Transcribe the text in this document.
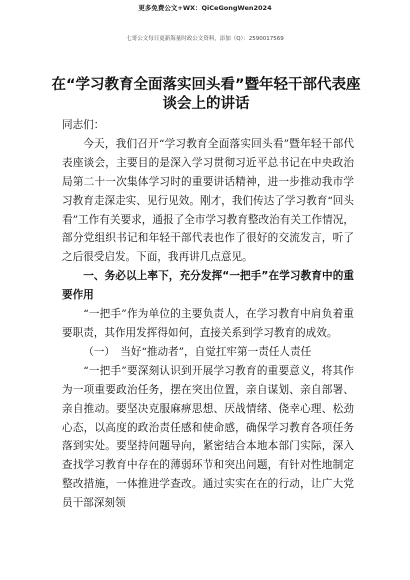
更多免费公文+WX：QiCeGongWen2024
七哥公文每日更新海量时政公文资料，添加（Q）：2590017569
在“学习教育全面落实回头看”暨年轻干部代表座谈会上的讲话

同志们：

今天，我们召开“学习教育全面落实回头看”暨年轻干部代表座谈会，主要目的是深入学习贯彻习近平总书记在中央政治局第二十一次集体学习时的重要讲话精神，进一步推动我市学习教育走深走实、见行见效。刚才，我们传达了学习教育“回头看”工作有关要求，通报了全市学习教育整改治有关工作情况，部分党组织书记和年轻干部代表也作了很好的交流发言，听了之后很受启发。下面，我再讲几点意见。

一、务必以上率下，充分发挥“一把手”在学习教育中的重要作用

“一把手”作为单位的主要负责人，在学习教育中肩负着重要职责，其作用发挥得如何，直接关系到学习教育的成效。

（一）　当好“推动者”，自觉扛牢第一责任人责任

“一把手”要深刻认识到开展学习教育的重要意义，将其作为一项重要政治任务，摆在突出位置，亲自谋划、亲自部署、亲自推动。要坚决克服麻痹思想、厌战情绪、侥幸心理、松劲心态，以高度的政治责任感和使命感，确保学习教育各项任务落到实处。要坚持问题导向，紧密结合本地本部门实际，深入查找学习教育中存在的薄弱环节和突出问题，有针对性地制定整改措施，一体推进学查改。通过实实在在的行动，让广大党员干部深刻领
